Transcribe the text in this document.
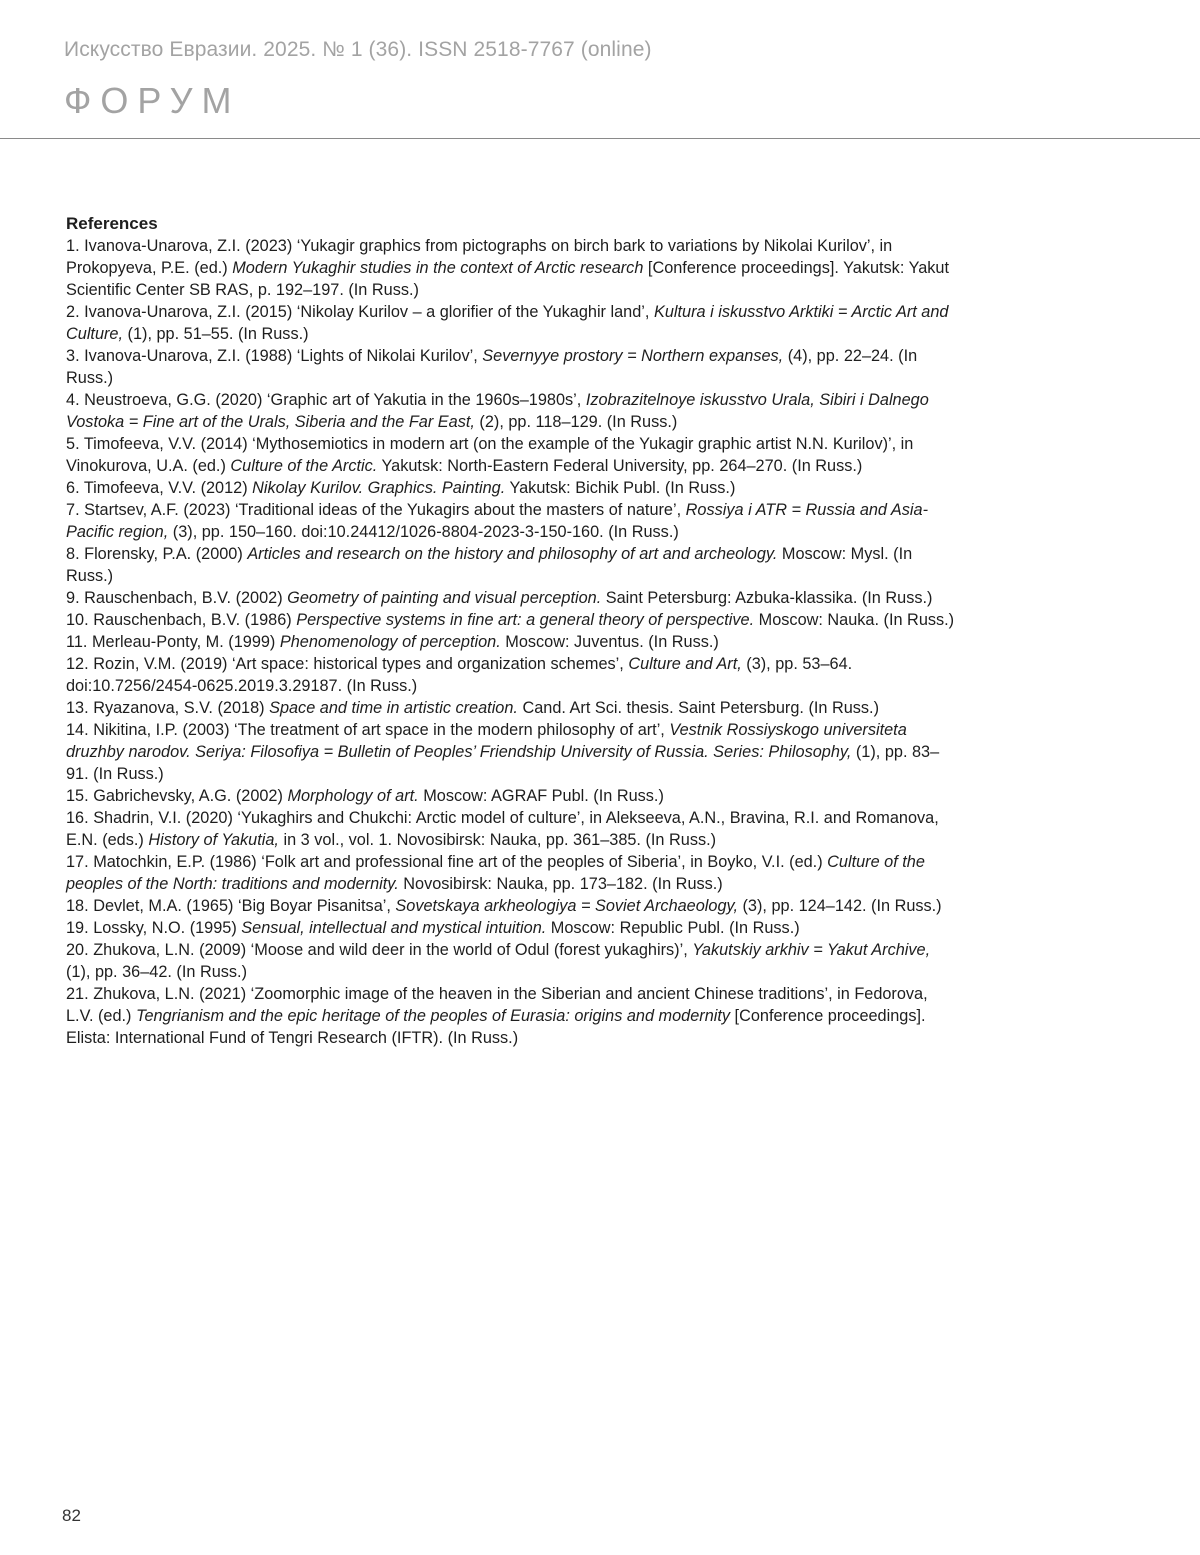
Искусство Евразии. 2025. № 1 (36). ISSN 2518-7767 (online)
ФОРУМ
References

1. Ivanova-Unarova, Z.I. (2023) ‘Yukagir graphics from pictographs on birch bark to variations by Nikolai Kurilov’, in Prokopyeva, P.E. (ed.) Modern Yukaghir studies in the context of Arctic research [Conference proceedings]. Yakutsk: Yakut Scientific Center SB RAS, p. 192–197. (In Russ.)

2. Ivanova-Unarova, Z.I. (2015) ‘Nikolay Kurilov – a glorifier of the Yukaghir land’, Kultura i iskusstvo Arktiki = Arctic Art and Culture, (1), pp. 51–55. (In Russ.)

3. Ivanova-Unarova, Z.I. (1988) ‘Lights of Nikolai Kurilov’, Severnyye prostory = Northern expanses, (4), pp. 22–24. (In Russ.)

4. Neustroeva, G.G. (2020) ‘Graphic art of Yakutia in the 1960s–1980s’, Izobrazitelnoye iskusstvo Urala, Sibiri i Dalnego Vostoka = Fine art of the Urals, Siberia and the Far East, (2), pp. 118–129. (In Russ.)

5. Timofeeva, V.V. (2014) ‘Mythosemiotics in modern art (on the example of the Yukagir graphic artist N.N. Kurilov)’, in Vinokurova, U.A. (ed.) Culture of the Arctic. Yakutsk: North-Eastern Federal University, pp. 264–270. (In Russ.)

6. Timofeeva, V.V. (2012) Nikolay Kurilov. Graphics. Painting. Yakutsk: Bichik Publ. (In Russ.)

7. Startsev, A.F. (2023) ‘Traditional ideas of the Yukagirs about the masters of nature’, Rossiya i ATR = Russia and Asia-Pacific region, (3), pp. 150–160. doi:10.24412/1026-8804-2023-3-150-160. (In Russ.)

8. Florensky, P.A. (2000) Articles and research on the history and philosophy of art and archeology. Moscow: Mysl. (In Russ.)

9. Rauschenbach, B.V. (2002) Geometry of painting and visual perception. Saint Petersburg: Azbuka-klassika. (In Russ.)

10. Rauschenbach, B.V. (1986) Perspective systems in fine art: a general theory of perspective. Moscow: Nauka. (In Russ.)

11. Merleau-Ponty, M. (1999) Phenomenology of perception. Moscow: Juventus. (In Russ.)

12. Rozin, V.M. (2019) ‘Art space: historical types and organization schemes’, Culture and Art, (3), pp. 53–64. doi:10.7256/2454-0625.2019.3.29187. (In Russ.)

13. Ryazanova, S.V. (2018) Space and time in artistic creation. Cand. Art Sci. thesis. Saint Petersburg. (In Russ.)

14. Nikitina, I.P. (2003) ‘The treatment of art space in the modern philosophy of art’, Vestnik Rossiyskogo universiteta druzhby narodov. Seriya: Filosofiya = Bulletin of Peoples’ Friendship University of Russia. Series: Philosophy, (1), pp. 83–91. (In Russ.)

15. Gabrichevsky, A.G. (2002) Morphology of art. Moscow: AGRAF Publ. (In Russ.)

16. Shadrin, V.I. (2020) ‘Yukaghirs and Chukchi: Arctic model of culture’, in Alekseeva, A.N., Bravina, R.I. and Romanova, E.N. (eds.) History of Yakutia, in 3 vol., vol. 1. Novosibirsk: Nauka, pp. 361–385. (In Russ.)

17. Matochkin, E.P. (1986) ‘Folk art and professional fine art of the peoples of Siberia’, in Boyko, V.I. (ed.) Culture of the peoples of the North: traditions and modernity. Novosibirsk: Nauka, pp. 173–182. (In Russ.)

18. Devlet, M.A. (1965) ‘Big Boyar Pisanitsa’, Sovetskaya arkheologiya = Soviet Archaeology, (3), pp. 124–142. (In Russ.)

19. Lossky, N.O. (1995) Sensual, intellectual and mystical intuition. Moscow: Republic Publ. (In Russ.)

20. Zhukova, L.N. (2009) ‘Moose and wild deer in the world of Odul (forest yukaghirs)’, Yakutskiy arkhiv = Yakut Archive, (1), pp. 36–42. (In Russ.)

21. Zhukova, L.N. (2021) ‘Zoomorphic image of the heaven in the Siberian and ancient Chinese traditions’, in Fedorova, L.V. (ed.) Tengrianism and the epic heritage of the peoples of Eurasia: origins and modernity [Conference proceedings]. Elista: International Fund of Tengri Research (IFTR). (In Russ.)

82
